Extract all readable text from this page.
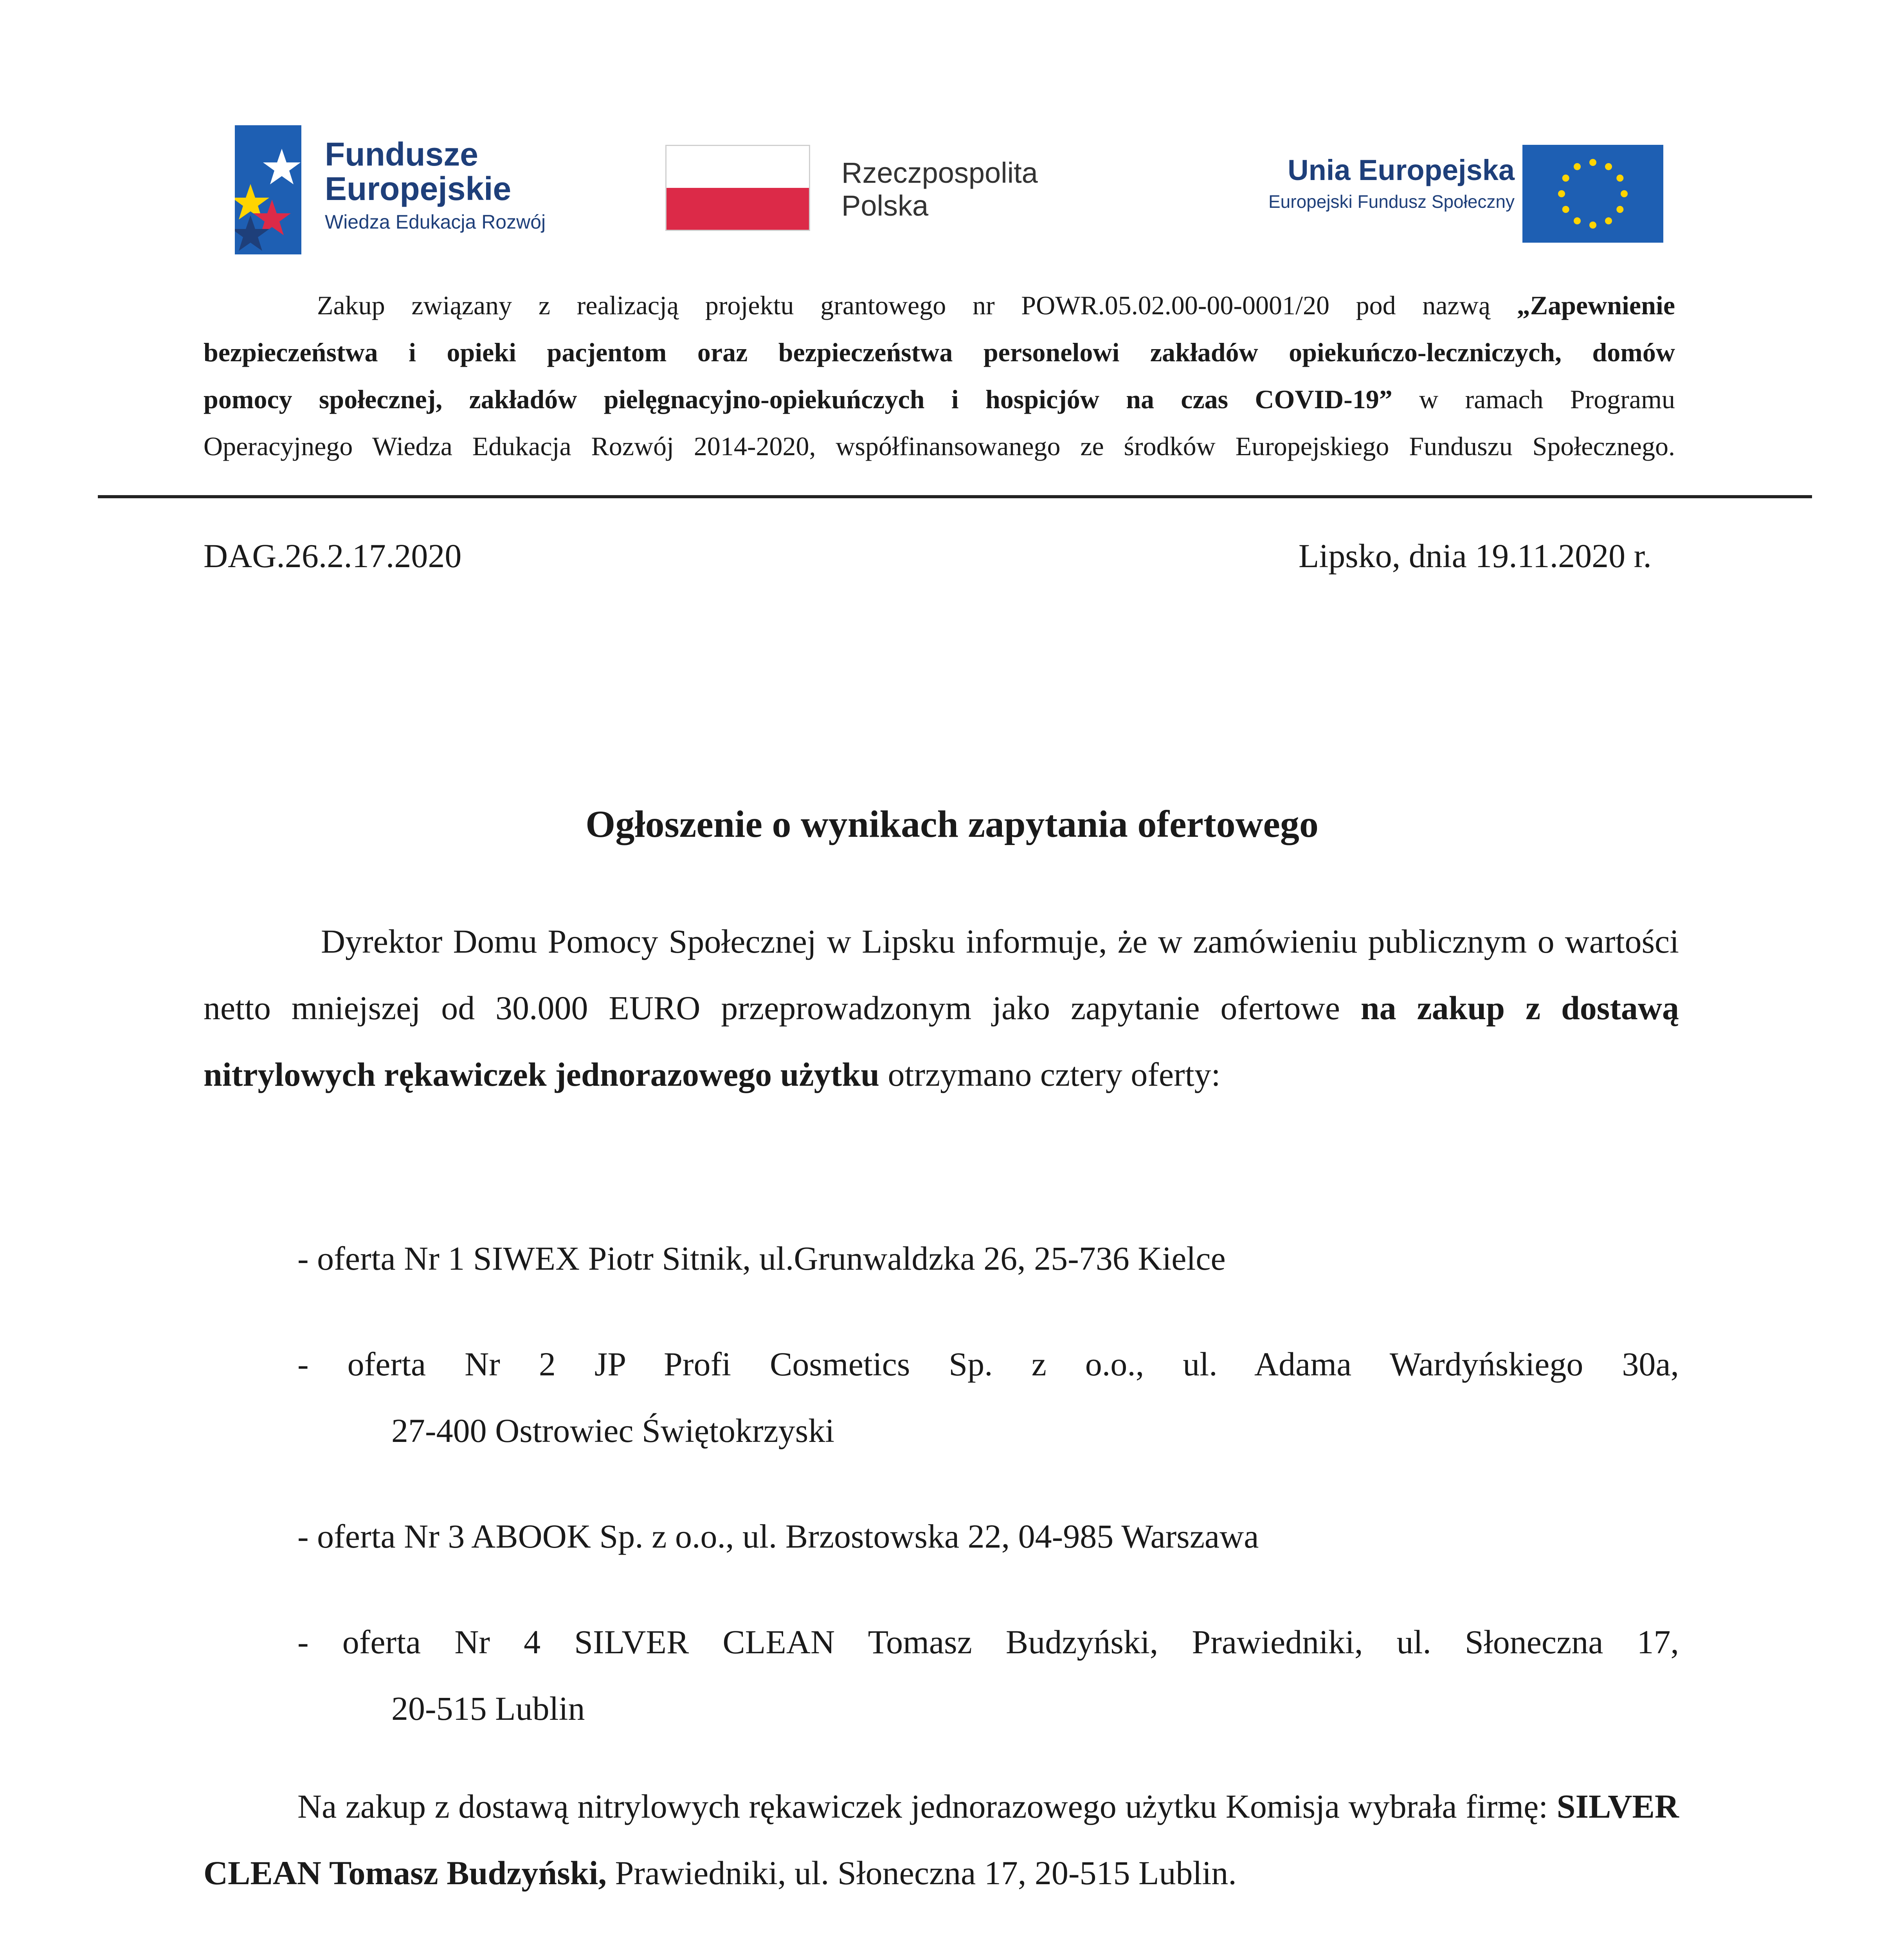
Fundusze
Europejskie
Wiedza Edukacja Rozwój
Rzeczpospolita
Polska
Unia Europejska
Europejski Fundusz Społeczny
Zakup związany z realizacją projektu grantowego nr POWR.05.02.00-00-0001/20 pod nazwą „Zapewnienie
bezpieczeństwa i opieki pacjentom oraz bezpieczeństwa personelowi zakładów opiekuńczo-leczniczych, domów
pomocy społecznej, zakładów pielęgnacyjno-opiekuńczych i hospicjów na czas COVID-19” w ramach Programu
Operacyjnego Wiedza Edukacja Rozwój 2014-2020, współfinansowanego ze środków Europejskiego Funduszu Społecznego.
DAG.26.2.17.2020	Lipsko, dnia 19.11.2020 r.
Ogłoszenie o wynikach zapytania ofertowego
Dyrektor Domu Pomocy Społecznej w Lipsku informuje, że w zamówieniu publicznym o wartości netto mniejszej od 30.000 EURO przeprowadzonym jako zapytanie ofertowe na zakup z dostawą nitrylowych rękawiczek jednorazowego użytku otrzymano cztery oferty:
- oferta Nr 1 SIWEX Piotr Sitnik, ul.Grunwaldzka 26, 25-736 Kielce
- oferta Nr 2 JP Profi Cosmetics Sp. z o.o., ul. Adama Wardyńskiego 30a,
27-400 Ostrowiec Świętokrzyski
- oferta Nr 3 ABOOK Sp. z o.o., ul. Brzostowska 22, 04-985 Warszawa
- oferta Nr 4 SILVER CLEAN Tomasz Budzyński, Prawiedniki, ul. Słoneczna 17,
20-515 Lublin
Na zakup z dostawą nitrylowych rękawiczek jednorazowego użytku Komisja wybrała firmę: SILVER CLEAN Tomasz Budzyński, Prawiedniki, ul. Słoneczna 17, 20-515 Lublin.
